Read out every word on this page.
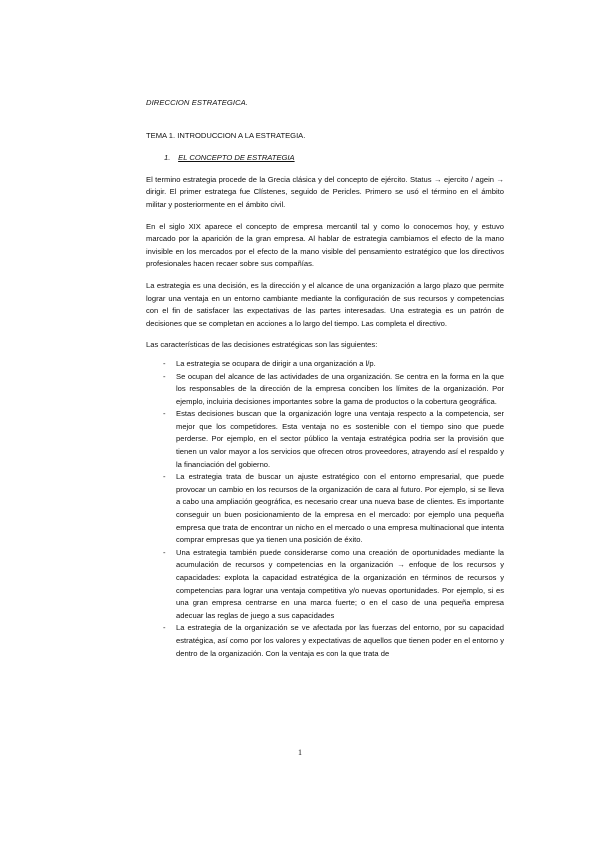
DIRECCION ESTRATEGICA.
TEMA 1. INTRODUCCION A LA ESTRATEGIA.
1. EL CONCEPTO DE ESTRATEGIA

El termino estrategia procede de la Grecia clásica y del concepto de ejército. Status → ejercito / agein → dirigir. El primer estratega fue Clístenes, seguido de Pericles. Primero se usó el término en el ámbito militar y posteriormente en el ámbito civil.

En el siglo XIX aparece el concepto de empresa mercantil tal y como lo conocemos hoy, y estuvo marcado por la aparición de la gran empresa. Al hablar de estrategia cambiamos el efecto de la mano invisible en los mercados por el efecto de la mano visible del pensamiento estratégico que los directivos profesionales hacen recaer sobre sus compañías.

La estrategia es una decisión, es la dirección y el alcance de una organización a largo plazo que permite lograr una ventaja en un entorno cambiante mediante la configuración de sus recursos y competencias con el fin de satisfacer las expectativas de las partes interesadas. Una estrategia es un patrón de decisiones que se completan en acciones a lo largo del tiempo. Las completa el directivo.

Las características de las decisiones estratégicas son las siguientes:

- La estrategia se ocupara de dirigir a una organización a l/p.
- Se ocupan del alcance de las actividades de una organización. Se centra en la forma en la que los responsables de la dirección de la empresa conciben los límites de la organización. Por ejemplo, incluiria decisiones importantes sobre la gama de productos o la cobertura geográfica.
- Estas decisiones buscan que la organización logre una ventaja respecto a la competencia, ser mejor que los competidores. Esta ventaja no es sostenible con el tiempo sino que puede perderse. Por ejemplo, en el sector público la ventaja estratégica podria ser la provisión que tienen un valor mayor a los servicios que ofrecen otros proveedores, atrayendo así el respaldo y la financiación del gobierno.
- La estrategia trata de buscar un ajuste estratégico con el entorno empresarial, que puede provocar un cambio en los recursos de la organización de cara al futuro. Por ejemplo, si se lleva a cabo una ampliación geográfica, es necesario crear una nueva base de clientes. Es importante conseguir un buen posicionamiento de la empresa en el mercado: por ejemplo una pequeña empresa que trata de encontrar un nicho en el mercado o una empresa multinacional que intenta comprar empresas que ya tienen una posición de éxito.
- Una estrategia también puede considerarse como una creación de oportunidades mediante la acumulación de recursos y competencias en la organización → enfoque de los recursos y capacidades: explota la capacidad estratégica de la organización en términos de recursos y competencias para lograr una ventaja competitiva y/o nuevas oportunidades. Por ejemplo, si es una gran empresa centrarse en una marca fuerte; o en el caso de una pequeña empresa adecuar las reglas de juego a sus capacidades
- La estrategia de la organización se ve afectada por las fuerzas del entorno, por su capacidad estratégica, así como por los valores y expectativas de aquellos que tienen poder en el entorno y dentro de la organización. Con la ventaja es con la que trata de
1
